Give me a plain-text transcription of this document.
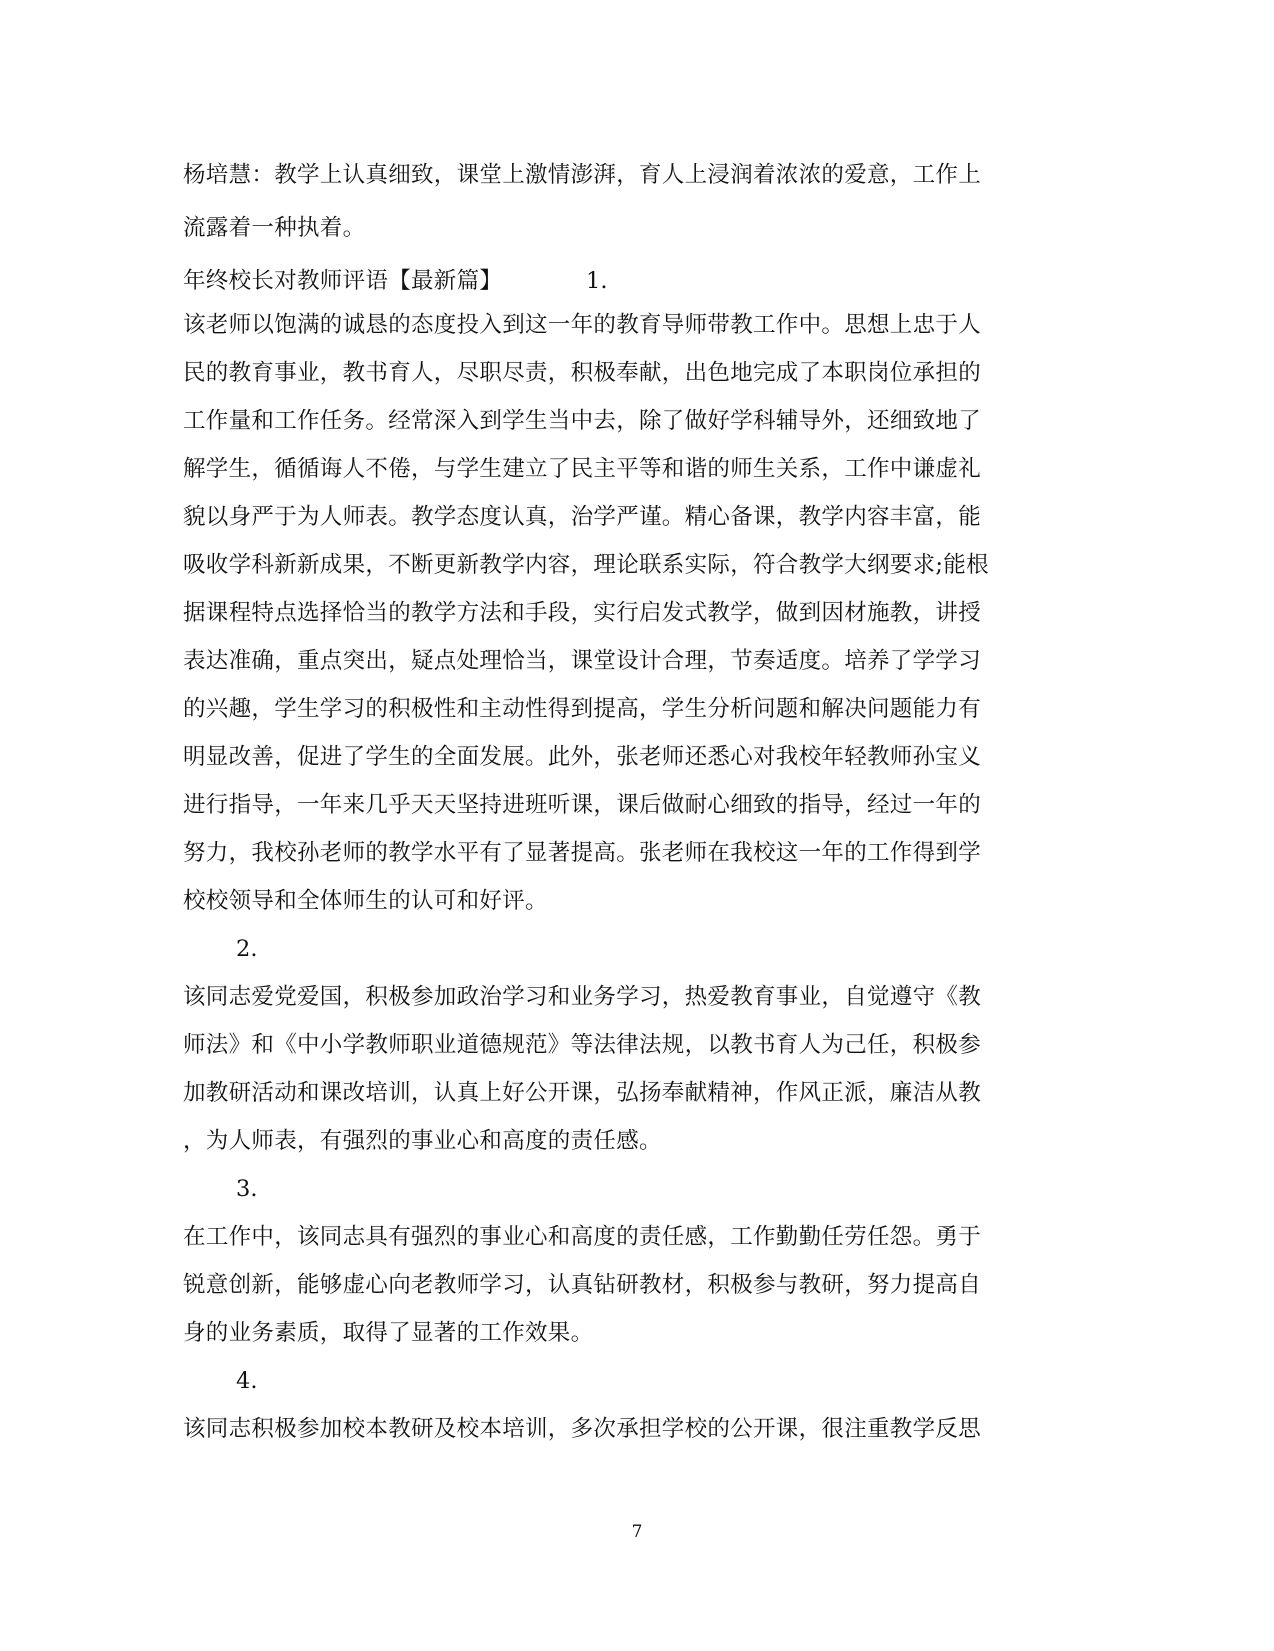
杨培慧：教学上认真细致，课堂上激情澎湃，育人上浸润着浓浓的爱意，工作上
流露着一种执着。
年终校长对教师评语【最新篇】	1.
该老师以饱满的诚恳的态度投入到这一年的教育导师带教工作中。思想上忠于人
民的教育事业，教书育人，尽职尽责，积极奉献，出色地完成了本职岗位承担的
工作量和工作任务。经常深入到学生当中去，除了做好学科辅导外，还细致地了
解学生，循循诲人不倦，与学生建立了民主平等和谐的师生关系，工作中谦虚礼
貌以身严于为人师表。教学态度认真，治学严谨。精心备课，教学内容丰富，能
吸收学科新新成果，不断更新教学内容，理论联系实际，符合教学大纲要求;能根
据课程特点选择恰当的教学方法和手段，实行启发式教学，做到因材施教，讲授
表达准确，重点突出，疑点处理恰当，课堂设计合理，节奏适度。培养了学学习
的兴趣，学生学习的积极性和主动性得到提高，学生分析问题和解决问题能力有
明显改善，促进了学生的全面发展。此外，张老师还悉心对我校年轻教师孙宝义
进行指导，一年来几乎天天坚持进班听课，课后做耐心细致的指导，经过一年的
努力，我校孙老师的教学水平有了显著提高。张老师在我校这一年的工作得到学
校校领导和全体师生的认可和好评。
2.
该同志爱党爱国，积极参加政治学习和业务学习，热爱教育事业，自觉遵守《教
师法》和《中小学教师职业道德规范》等法律法规，以教书育人为己任，积极参
加教研活动和课改培训，认真上好公开课，弘扬奉献精神，作风正派，廉洁从教
，为人师表，有强烈的事业心和高度的责任感。
3.
在工作中，该同志具有强烈的事业心和高度的责任感，工作勤勤任劳任怨。勇于
锐意创新，能够虚心向老教师学习，认真钻研教材，积极参与教研，努力提高自
身的业务素质，取得了显著的工作效果。
4.
该同志积极参加校本教研及校本培训，多次承担学校的公开课，很注重教学反思
7
